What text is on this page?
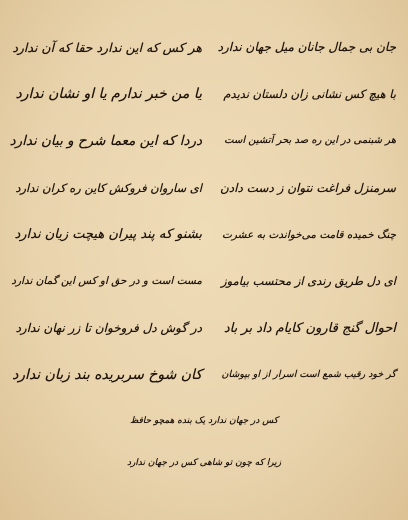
جان بی جمال جانان میل جهان ندارد
هر کس که این ندارد حقا که آن ندارد
با هیچ کس نشانی زان دلستان ندیدم
یا من خبر ندارم یا او نشان ندارد
هر شبنمی در این ره صد بحر آتشین است
دردا که این معما شرح و بیان ندارد
سرمنزل فراغت نتوان ز دست دادن
ای ساروان فروکش کاین ره کران ندارد
چنگ خمیده قامت می‌خواندت به عشرت
بشنو که پند پیران هیچت زیان ندارد
ای دل طریق رندی از محتسب بیاموز
مست است و در حق او کس این گمان ندارد
احوال گنج قارون کایام داد بر باد
در گوش دل فروخوان تا زر نهان ندارد
گر خود رقیب شمع است اسرار از او بپوشان
کان شوخ سربریده بند زبان ندارد
کس در جهان ندارد یک بنده همچو حافظ
زیرا که چون تو شاهی کس در جهان ندارد
